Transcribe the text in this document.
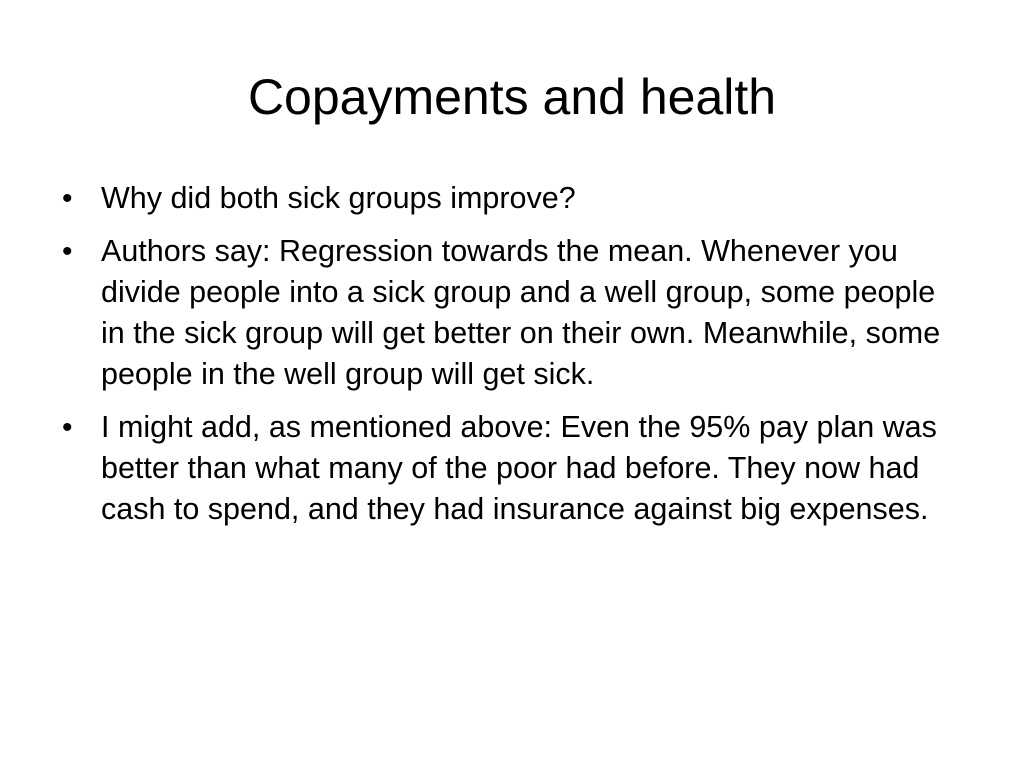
Copayments and health
• Why did both sick groups improve?
• Authors say: Regression towards the mean. Whenever you divide people into a sick group and a well group, some people in the sick group will get better on their own. Meanwhile, some people in the well group will get sick.
• I might add, as mentioned above: Even the 95% pay plan was better than what many of the poor had before. They now had cash to spend, and they had insurance against big expenses.
